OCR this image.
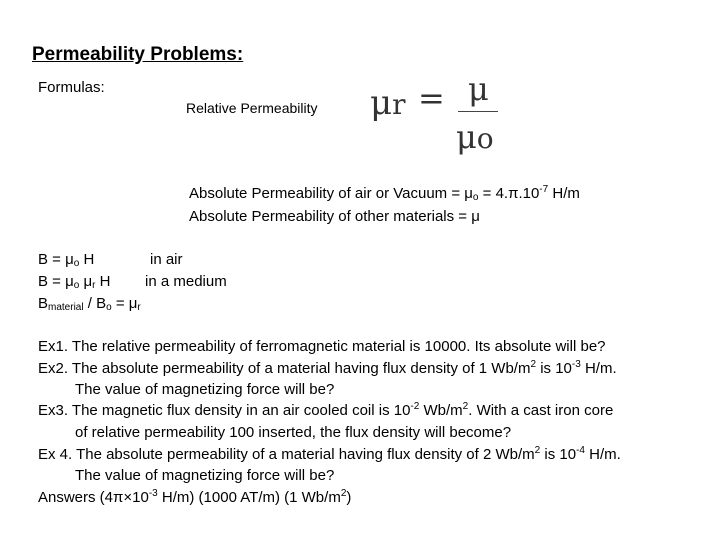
Permeability Problems:
Formulas:
Relative Permeability μr = μ
μo
Absolute Permeability of air or Vacuum = $\mu_o = 4.\pi.10^{-7}$ H/m
Absolute Permeability of other materials = μ
$B = \mu_o$ H	in air
$B = \mu_o$ $\mu_r$ H in a medium
$B_{material} / B_o = \mu_r$
Ex1. The relative permeability of ferromagnetic material is 10000. Its absolute will be?
Ex2. The absolute permeability of a material having flux density of 1 $Wb/m^2$ is $10^{-3}$ H/m.
The value of magnetizing force will be?
Ex3. The magnetic flux density in an air cooled coil is $10^{-2}$ $Wb/m^2$. With a cast iron core
of relative permeability 100 inserted, the flux density will become?
Ex 4. The absolute permeability of a material having flux density of 2 $Wb/m^2$ is $10^{-4}$ H/m.
The value of magnetizing force will be?
Answers ($4\pi\times 10^{-3}$ H/m) (1000 AT/m) (1 $Wb/m^2$)
